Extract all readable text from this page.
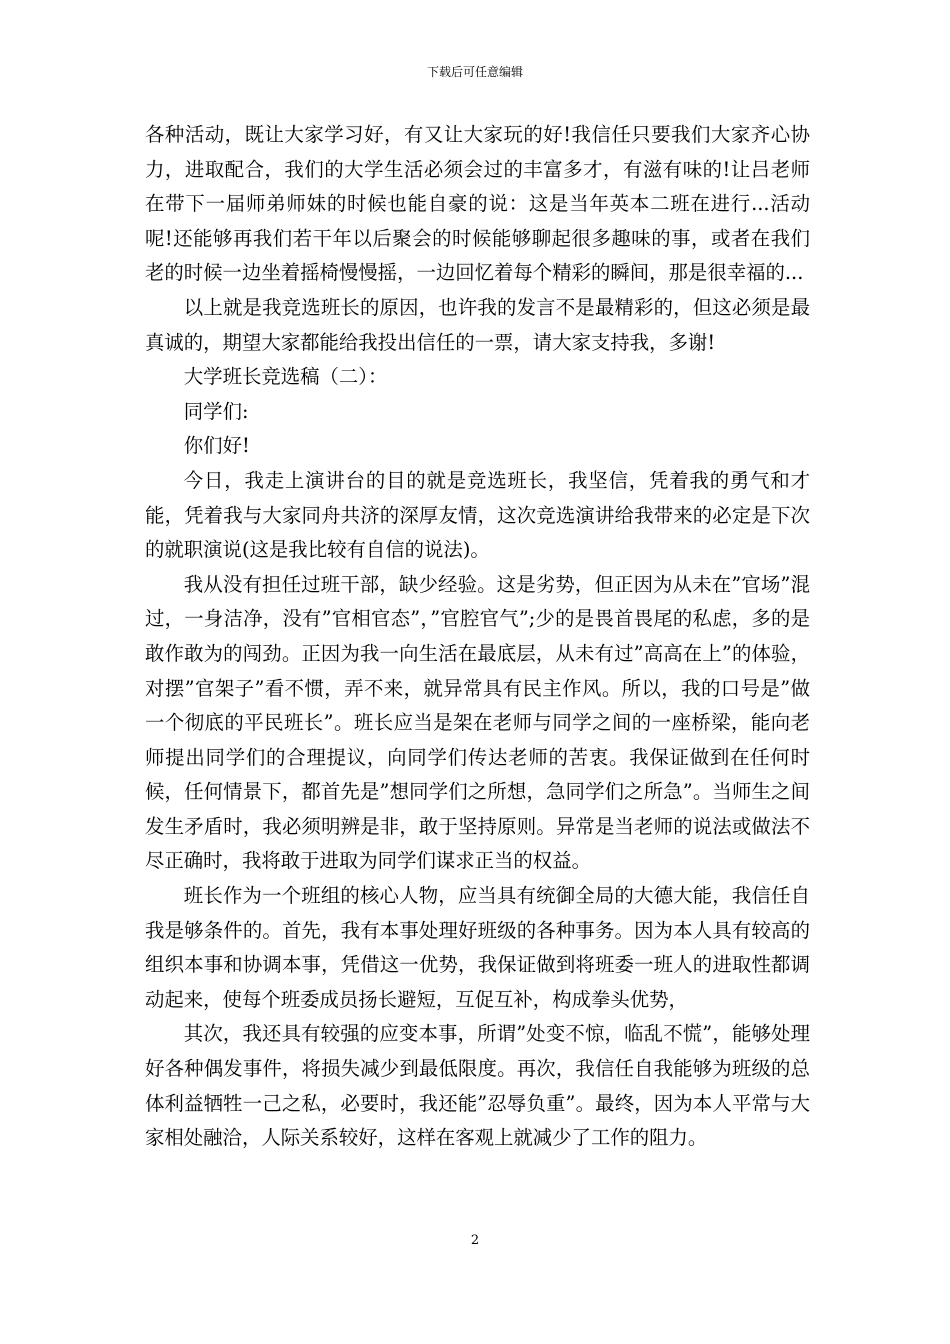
下载后可任意编辑

各种活动，既让大家学习好，有又让大家玩的好!我信任只要我们大家齐心协力，进取配合，我们的大学生活必须会过的丰富多才，有滋有味的!让吕老师在带下一届师弟师妹的时候也能自豪的说：这是当年英本二班在进行...活动呢!还能够再我们若干年以后聚会的时候能够聊起很多趣味的事，或者在我们老的时候一边坐着摇椅慢慢摇，一边回忆着每个精彩的瞬间，那是很幸福的...

以上就是我竞选班长的原因，也许我的发言不是最精彩的，但这必须是最真诚的，期望大家都能给我投出信任的一票，请大家支持我，多谢!

大学班长竞选稿（二）：

同学们:

你们好!

今日，我走上演讲台的目的就是竞选班长，我坚信，凭着我的勇气和才能，凭着我与大家同舟共济的深厚友情，这次竞选演讲给我带来的必定是下次的就职演说(这是我比较有自信的说法)。

我从没有担任过班干部，缺少经验。这是劣势，但正因为从未在”官场”混过，一身洁净，没有”官相官态”，”官腔官气”;少的是畏首畏尾的私虑，多的是敢作敢为的闯劲。正因为我一向生活在最底层，从未有过”高高在上”的体验，对摆”官架子”看不惯，弄不来，就异常具有民主作风。所以，我的口号是”做一个彻底的平民班长”。班长应当是架在老师与同学之间的一座桥梁，能向老师提出同学们的合理提议，向同学们传达老师的苦衷。我保证做到在任何时候，任何情景下，都首先是”想同学们之所想，急同学们之所急”。当师生之间发生矛盾时，我必须明辨是非，敢于坚持原则。异常是当老师的说法或做法不尽正确时，我将敢于进取为同学们谋求正当的权益。

班长作为一个班组的核心人物，应当具有统御全局的大德大能，我信任自我是够条件的。首先，我有本事处理好班级的各种事务。因为本人具有较高的组织本事和协调本事，凭借这一优势，我保证做到将班委一班人的进取性都调动起来，使每个班委成员扬长避短，互促互补，构成拳头优势，

其次，我还具有较强的应变本事，所谓”处变不惊，临乱不慌”，能够处理好各种偶发事件，将损失减少到最低限度。再次，我信任自我能够为班级的总体利益牺牲一己之私，必要时，我还能”忍辱负重”。最终，因为本人平常与大家相处融洽，人际关系较好，这样在客观上就减少了工作的阻力。

2
